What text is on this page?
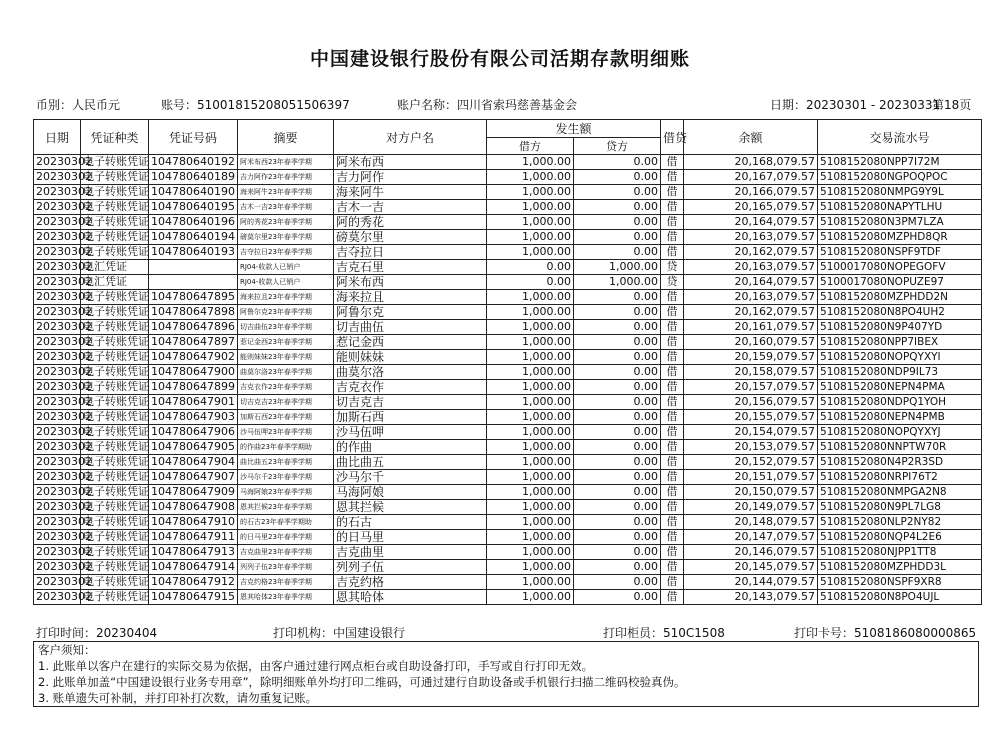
中国建设银行股份有限公司活期存款明细账
币别：人民币元	账号：51001815208051506397	账户名称：四川省索玛慈善基金会	日期：20230301 - 20230331
第18页
日期	凭证种类	凭证号码	摘要	对方户名	发生额		借贷	余额	交易流水号
					借方	贷方			
20230302	电子转账凭证	104780640192	阿米布西23年春季学期	阿米布西	1,000.00	0.00	借	20,168,079.57	5108152080NPP7I72M
20230302	电子转账凭证	104780640189	吉力阿作23年春季学期	吉力阿作	1,000.00	0.00	借	20,167,079.57	5108152080NGPOQPOC
20230302	电子转账凭证	104780640190	海来阿牛23年春季学期	海来阿牛	1,000.00	0.00	借	20,166,079.57	5108152080NMPG9Y9L
20230302	电子转账凭证	104780640195	吉木一吉23年春季学期	吉木一吉	1,000.00	0.00	借	20,165,079.57	5108152080NAPYTLHU
20230302	电子转账凭证	104780640196	阿的秀花23年春季学期	阿的秀花	1,000.00	0.00	借	20,164,079.57	5108152080N3PM7LZA
20230302	电子转账凭证	104780640194	磅莫尔里23年春季学期	磅莫尔里	1,000.00	0.00	借	20,163,079.57	5108152080MZPHD8QR
20230302	电子转账凭证	104780640193	吉夺拉日23年春季学期	吉夺拉日	1,000.00	0.00	借	20,162,079.57	5108152080NSPF9TDF
20230302	电汇凭证		RJ04-收款人已销户	吉克石里	0.00	1,000.00	贷	20,163,079.57	5100017080NOPEGOFV
20230302	电汇凭证		RJ04-收款人已销户	阿米布西	0.00	1,000.00	贷	20,164,079.57	5100017080NOPUZE97
20230302	电子转账凭证	104780647895	海来拉且23年春季学期	海来拉且	1,000.00	0.00	借	20,163,079.57	5108152080MZPHDD2N
20230302	电子转账凭证	104780647898	阿鲁尔克23年春季学期	阿鲁尔克	1,000.00	0.00	借	20,162,079.57	5108152080N8PO4UH2
20230302	电子转账凭证	104780647896	切吉曲伍23年春季学期	切吉曲伍	1,000.00	0.00	借	20,161,079.57	5108152080N9P407YD
20230302	电子转账凭证	104780647897	惹记金西23年春季学期	惹记金西	1,000.00	0.00	借	20,160,079.57	5108152080NPP7IBEX
20230302	电子转账凭证	104780647902	能则妹妹23年春季学期	能则妹妹	1,000.00	0.00	借	20,159,079.57	5108152080NOPQYXYI
20230302	电子转账凭证	104780647900	曲莫尔洛23年春季学期	曲莫尔洛	1,000.00	0.00	借	20,158,079.57	5108152080NDP9IL73
20230302	电子转账凭证	104780647899	吉克衣作23年春季学期	吉克衣作	1,000.00	0.00	借	20,157,079.57	5108152080NEPN4PMA
20230302	电子转账凭证	104780647901	切吉克吉23年春季学期	切吉克吉	1,000.00	0.00	借	20,156,079.57	5108152080NDPQ1YOH
20230302	电子转账凭证	104780647903	加斯石西23年春季学期	加斯石西	1,000.00	0.00	借	20,155,079.57	5108152080NEPN4PMB
20230302	电子转账凭证	104780647906	沙马伍呷23年春季学期	沙马伍呷	1,000.00	0.00	借	20,154,079.57	5108152080NOPQYXYJ
20230302	电子转账凭证	104780647905	的作曲23年春季学期助	的作曲	1,000.00	0.00	借	20,153,079.57	5108152080NNPTW70R
20230302	电子转账凭证	104780647904	曲比曲五23年春季学期	曲比曲五	1,000.00	0.00	借	20,152,079.57	5108152080N4P2R3SD
20230302	电子转账凭证	104780647907	沙马尔千23年春季学期	沙马尔千	1,000.00	0.00	借	20,151,079.57	5108152080NRPI76T2
20230302	电子转账凭证	104780647909	马海阿娘23年春季学期	马海阿娘	1,000.00	0.00	借	20,150,079.57	5108152080NMPGA2N8
20230302	电子转账凭证	104780647908	恩其拦候23年春季学期	恩其拦候	1,000.00	0.00	借	20,149,079.57	5108152080N9PL7LG8
20230302	电子转账凭证	104780647910	的石古23年春季学期助	的石古	1,000.00	0.00	借	20,148,079.57	5108152080NLP2NY82
20230302	电子转账凭证	104780647911	的日马里23年春季学期	的日马里	1,000.00	0.00	借	20,147,079.57	5108152080NQP4L2E6
20230302	电子转账凭证	104780647913	吉克曲里23年春季学期	吉克曲里	1,000.00	0.00	借	20,146,079.57	5108152080NJPP1TT8
20230302	电子转账凭证	104780647914	列列子伍23年春季学期	列列子伍	1,000.00	0.00	借	20,145,079.57	5108152080MZPHDD3L
20230302	电子转账凭证	104780647912	吉克约格23年春季学期	吉克约格	1,000.00	0.00	借	20,144,079.57	5108152080NSPF9XR8
20230302	电子转账凭证	104780647915	恩其哈体23年春季学期	恩其哈体	1,000.00	0.00	借	20,143,079.57	5108152080N8PO4UJL
打印时间：20230404	打印机构：中国建设银行	打印柜员：510C1508	打印卡号：5108186080000865
客户须知：
1. 此账单以客户在建行的实际交易为依据，由客户通过建行网点柜台或自助设备打印，手写或自行打印无效。
2. 此账单加盖“中国建设银行业务专用章”，除明细账单外均打印二维码，可通过建行自助设备或手机银行扫描二维码校验真伪。
3. 账单遗失可补制，并打印补打次数，请勿重复记账。
